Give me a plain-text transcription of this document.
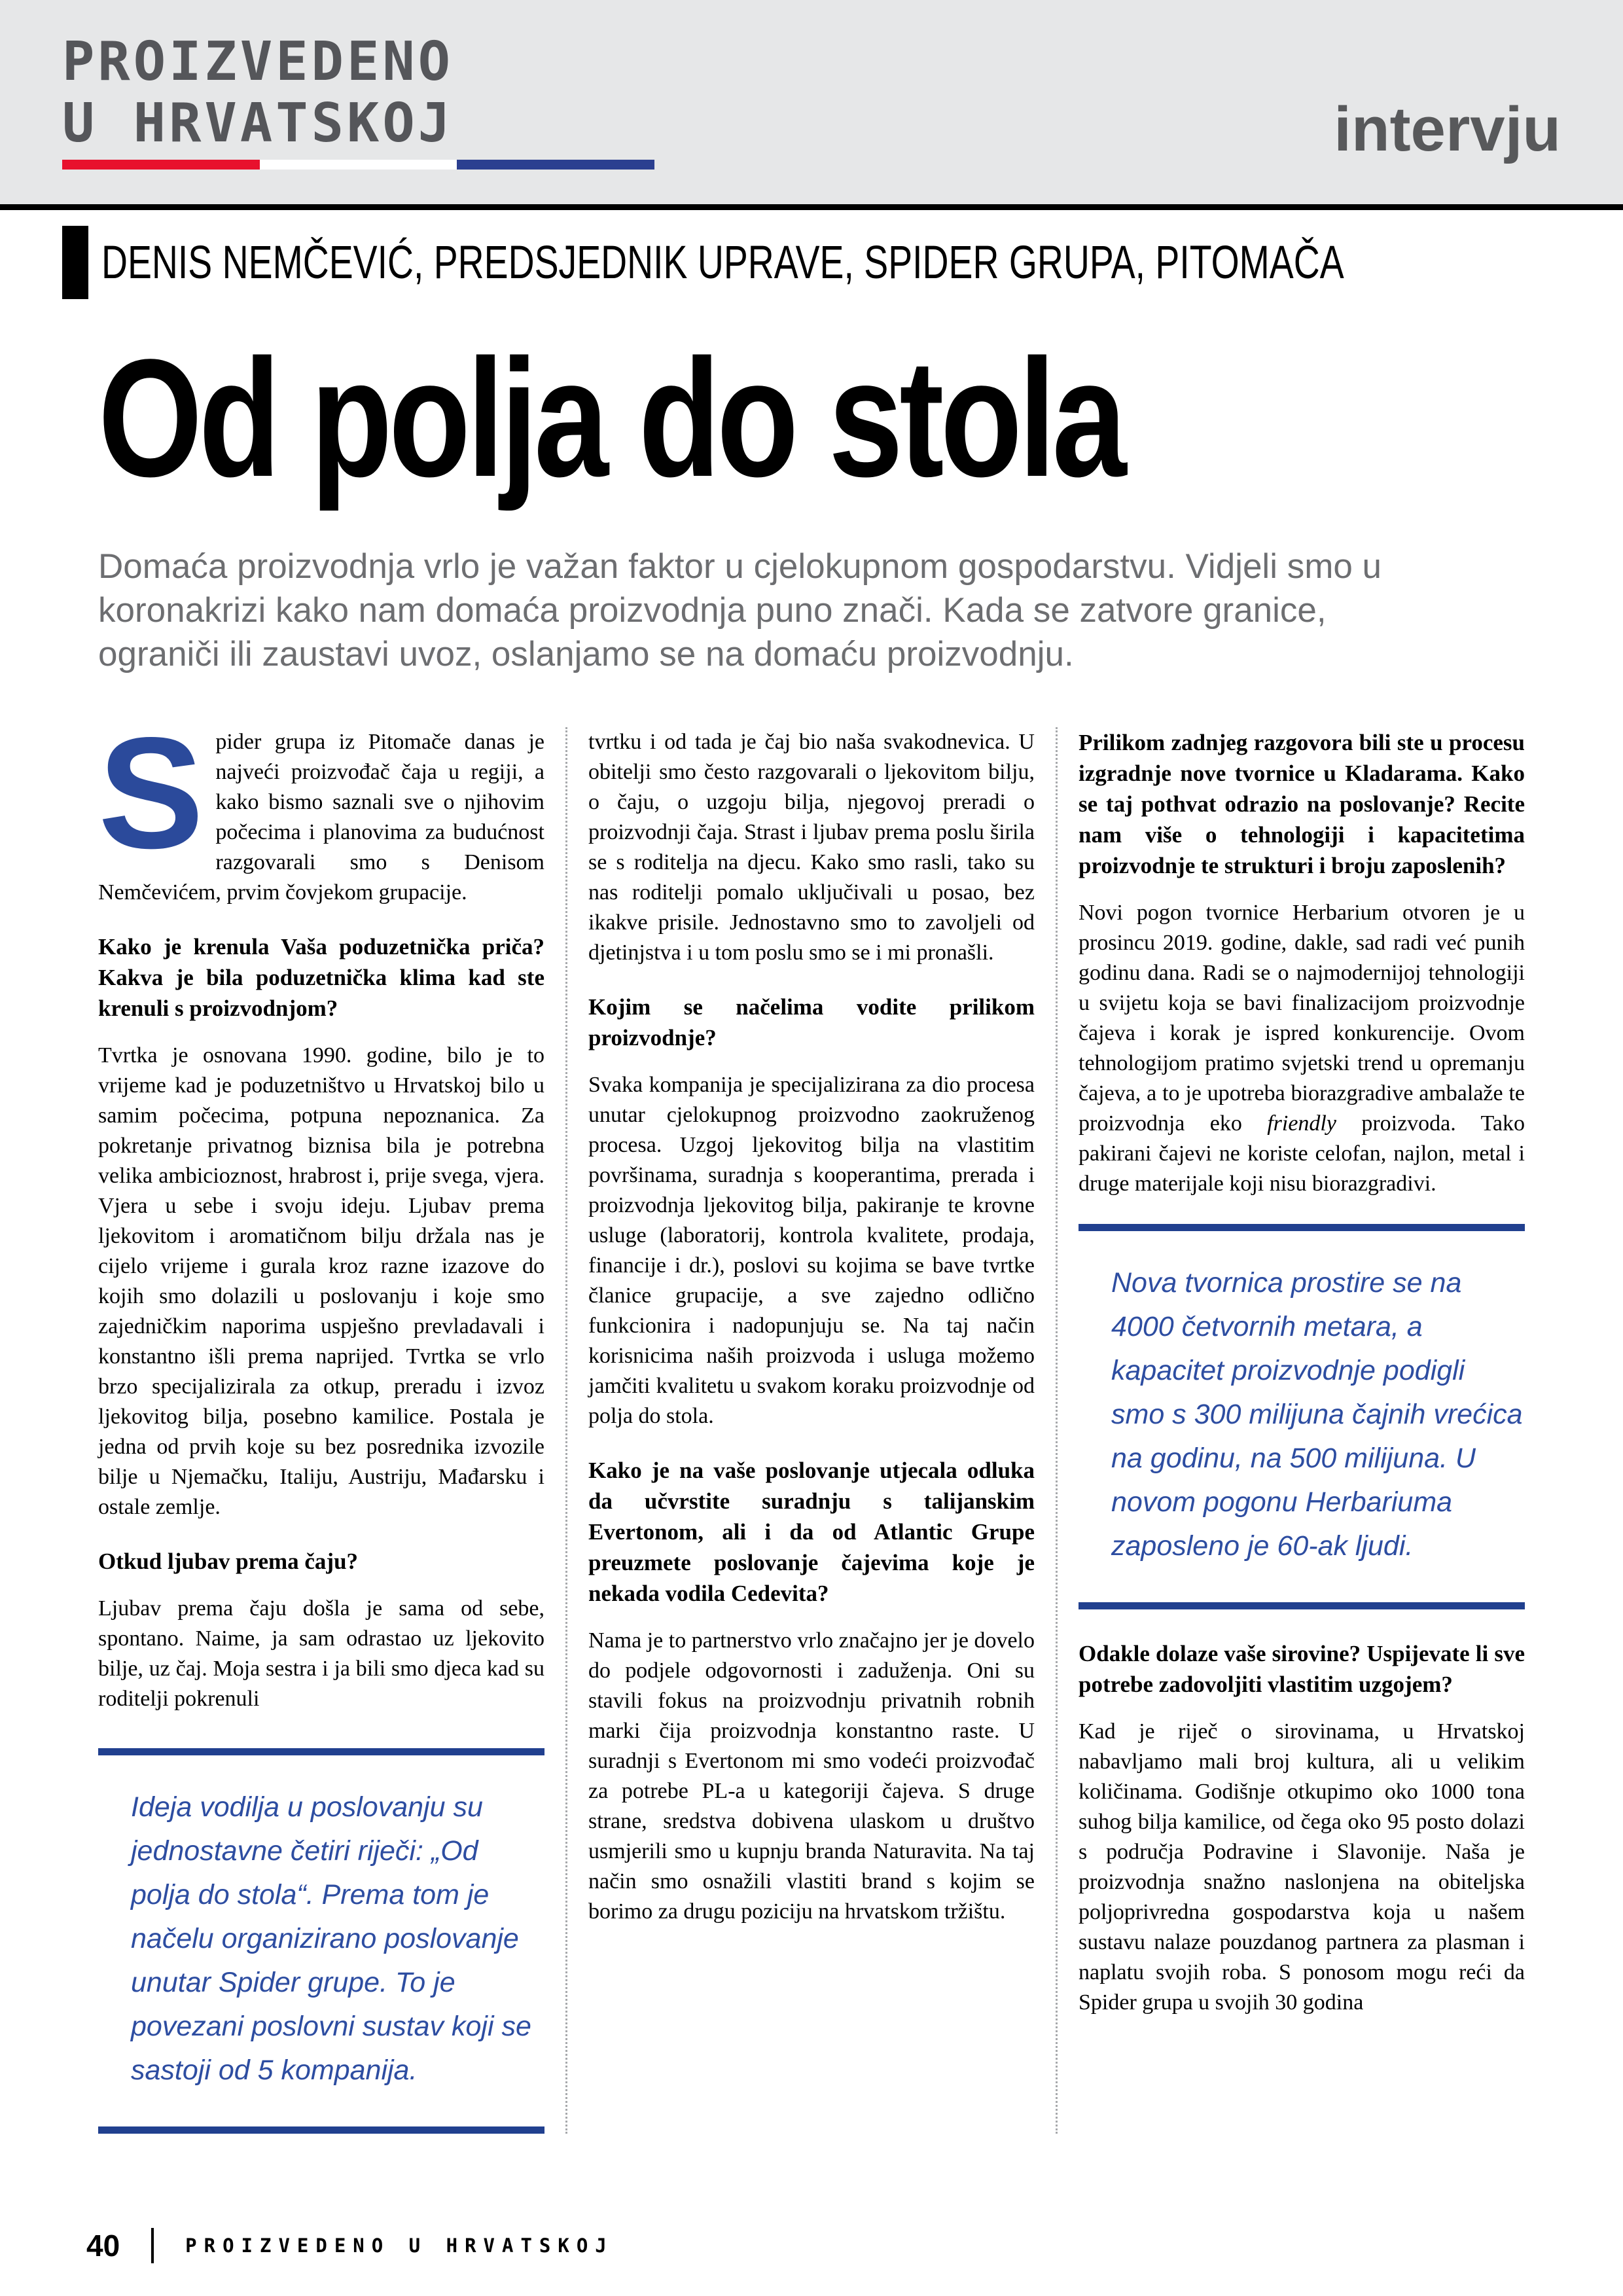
PROIZVEDENO
U HRVATSKOJ	intervju
DENIS NEMČEVIĆ, PREDSJEDNIK UPRAVE, SPIDER GRUPA, PITOMAČA
Od polja do stola

Domaća proizvodnja vrlo je važan faktor u cjelokupnom gospodarstvu. Vidjeli smo u koronakrizi kako nam domaća proizvodnja puno znači. Kada se zatvore granice, ograniči ili zaustavi uvoz, oslanjamo se na domaću proizvodnju.

Spider grupa iz Pitomače danas je najveći proizvođač čaja u regiji, a kako bismo saznali sve o njihovim počecima i planovima za budućnost razgovarali smo s Denisom Nemčevićem, prvim čovjekom grupacije.

Kako je krenula Vaša poduzetnička priča? Kakva je bila poduzetnička klima kad ste krenuli s proizvodnjom?

Tvrtka je osnovana 1990. godine, bilo je to vrijeme kad je poduzetništvo u Hrvatskoj bilo u samim počecima, potpuna nepoznanica. Za pokretanje privatnog biznisa bila je potrebna velika ambicioznost, hrabrost i, prije svega, vjera. Vjera u sebe i svoju ideju. Ljubav prema ljekovitom i aromatičnom bilju držala nas je cijelo vrijeme i gurala kroz razne izazove do kojih smo dolazili u poslovanju i koje smo zajedničkim naporima uspješno prevladavali i konstantno išli prema naprijed. Tvrtka se vrlo brzo specijalizirala za otkup, preradu i izvoz ljekovitog bilja, posebno kamilice. Postala je jedna od prvih koje su bez posrednika izvozile bilje u Njemačku, Italiju, Austriju, Mađarsku i ostale zemlje.

Otkud ljubav prema čaju?

Ljubav prema čaju došla je sama od sebe, spontano. Naime, ja sam odrastao uz ljekovito bilje, uz čaj. Moja sestra i ja bili smo djeca kad su roditelji pokrenuli

Ideja vodilja u poslovanju su jednostavne četiri riječi: „Od polja do stola“. Prema tom je načelu organizirano poslovanje unutar Spider grupe. To je povezani poslovni sustav koji se sastoji od 5 kompanija.

tvrtku i od tada je čaj bio naša svakodnevica. U obitelji smo često razgovarali o ljekovitom bilju, o čaju, o uzgoju bilja, njegovoj preradi o proizvodnji čaja. Strast i ljubav prema poslu širila se s roditelja na djecu. Kako smo rasli, tako su nas roditelji pomalo uključivali u posao, bez ikakve prisile. Jednostavno smo to zavoljeli od djetinjstva i u tom poslu smo se i mi pronašli.

Kojim se načelima vodite prilikom proizvodnje?

Svaka kompanija je specijalizirana za dio procesa unutar cjelokupnog proizvodno zaokruženog procesa. Uzgoj ljekovitog bilja na vlastitim površinama, suradnja s kooperantima, prerada i proizvodnja ljekovitog bilja, pakiranje te krovne usluge (laboratorij, kontrola kvalitete, prodaja, financije i dr.), poslovi su kojima se bave tvrtke članice grupacije, a sve zajedno odlično funkcionira i nadopunjuju se. Na taj način korisnicima naših proizvoda i usluga možemo jamčiti kvalitetu u svakom koraku proizvodnje od polja do stola.

Kako je na vaše poslovanje utjecala odluka da učvrstite suradnju s talijanskim Evertonom, ali i da od Atlantic Grupe preuzmete poslovanje čajevima koje je nekada vodila Cedevita?

Nama je to partnerstvo vrlo značajno jer je dovelo do podjele odgovornosti i zaduženja. Oni su stavili fokus na proizvodnju privatnih robnih marki čija proizvodnja konstantno raste. U suradnji s Evertonom mi smo vodeći proizvođač za potrebe PL-a u kategoriji čajeva. S druge strane, sredstva dobivena ulaskom u društvo usmjerili smo u kupnju branda Naturavita. Na taj način smo osnažili vlastiti brand s kojim se borimo za drugu poziciju na hrvatskom tržištu.

Prilikom zadnjeg razgovora bili ste u procesu izgradnje nove tvornice u Kladarama. Kako se taj pothvat odrazio na poslovanje? Recite nam više o tehnologiji i kapacitetima proizvodnje te strukturi i broju zaposlenih?

Novi pogon tvornice Herbarium otvoren je u prosincu 2019. godine, dakle, sad radi već punih godinu dana. Radi se o najmodernijoj tehnologiji u svijetu koja se bavi finalizacijom proizvodnje čajeva i korak je ispred konkurencije. Ovom tehnologijom pratimo svjetski trend u opremanju čajeva, a to je upotreba biorazgradive ambalaže te proizvodnja eko friendly proizvoda. Tako pakirani čajevi ne koriste celofan, najlon, metal i druge materijale koji nisu biorazgradivi.

Nova tvornica prostire se na 4000 četvornih metara, a kapacitet proizvodnje podigli smo s 300 milijuna čajnih vrećica na godinu, na 500 milijuna. U novom pogonu Herbariuma zaposleno je 60-ak ljudi.

Odakle dolaze vaše sirovine? Uspijevate li sve potrebe zadovoljiti vlastitim uzgojem?

Kad je riječ o sirovinama, u Hrvatskoj nabavljamo mali broj kultura, ali u velikim količinama. Godišnje otkupimo oko 1000 tona suhog bilja kamilice, od čega oko 95 posto dolazi s područja Podravine i Slavonije. Naša je proizvodnja snažno naslonjena na obiteljska poljoprivredna gospodarstva koja u našem sustavu nalaze pouzdanog partnera za plasman i naplatu svojih roba. S ponosom mogu reći da Spider grupa u svojih 30 godina

40	PROIZVEDENO U HRVATSKOJ
